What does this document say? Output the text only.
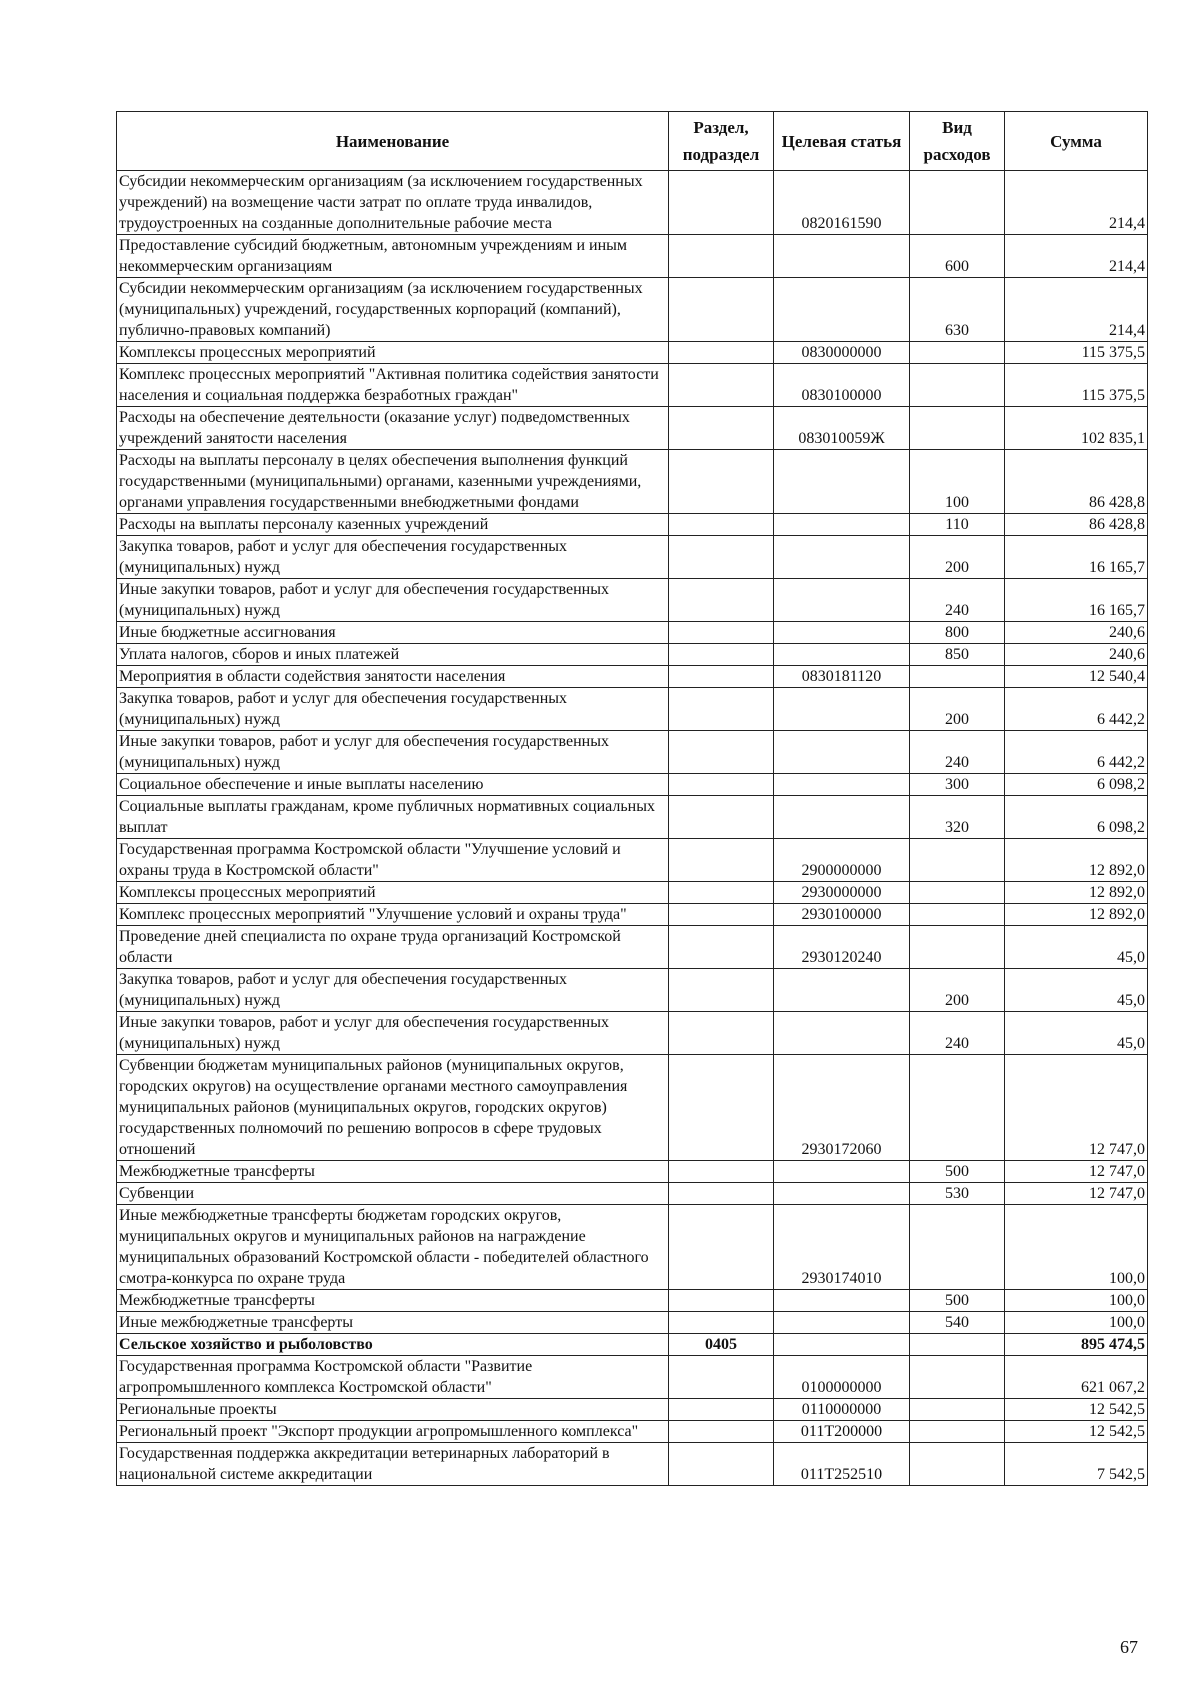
Наименование	Раздел, подраздел	Целевая статья	Вид расходов	Сумма
Субсидии некоммерческим организациям (за исключением государственных учреждений) на возмещение части затрат по оплате труда инвалидов, трудоустроенных на созданные дополнительные рабочие места		0820161590		214,4
Предоставление субсидий бюджетным, автономным учреждениям и иным некоммерческим организациям			600	214,4
Субсидии некоммерческим организациям (за исключением государственных (муниципальных) учреждений, государственных корпораций (компаний), публично-правовых компаний)			630	214,4
Комплексы процессных мероприятий		0830000000		115 375,5
Комплекс процессных мероприятий "Активная политика содействия занятости населения и социальная поддержка безработных граждан"		0830100000		115 375,5
Расходы на обеспечение деятельности (оказание услуг) подведомственных учреждений занятости населения		083010059Ж		102 835,1
Расходы на выплаты персоналу в целях обеспечения выполнения функций государственными (муниципальными) органами, казенными учреждениями, органами управления государственными внебюджетными фондами			100	86 428,8
Расходы на выплаты персоналу казенных учреждений			110	86 428,8
Закупка товаров, работ и услуг для обеспечения государственных (муниципальных) нужд			200	16 165,7
Иные закупки товаров, работ и услуг для обеспечения государственных (муниципальных) нужд			240	16 165,7
Иные бюджетные ассигнования			800	240,6
Уплата налогов, сборов и иных платежей			850	240,6
Мероприятия в области содействия занятости населения		0830181120		12 540,4
Закупка товаров, работ и услуг для обеспечения государственных (муниципальных) нужд			200	6 442,2
Иные закупки товаров, работ и услуг для обеспечения государственных (муниципальных) нужд			240	6 442,2
Социальное обеспечение и иные выплаты населению			300	6 098,2
Социальные выплаты гражданам, кроме публичных нормативных социальных выплат			320	6 098,2
Государственная программа Костромской области "Улучшение условий и охраны труда в Костромской области"		2900000000		12 892,0
Комплексы процессных мероприятий		2930000000		12 892,0
Комплекс процессных мероприятий "Улучшение условий и охраны труда"		2930100000		12 892,0
Проведение дней специалиста по охране труда организаций Костромской области		2930120240		45,0
Закупка товаров, работ и услуг для обеспечения государственных (муниципальных) нужд			200	45,0
Иные закупки товаров, работ и услуг для обеспечения государственных (муниципальных) нужд			240	45,0
Субвенции бюджетам муниципальных районов (муниципальных округов, городских округов) на осуществление органами местного самоуправления муниципальных районов (муниципальных округов, городских округов) государственных полномочий по решению вопросов в сфере трудовых отношений		2930172060		12 747,0
Межбюджетные трансферты			500	12 747,0
Субвенции			530	12 747,0
Иные межбюджетные трансферты бюджетам городских округов, муниципальных округов и муниципальных районов на награждение муниципальных образований Костромской области - победителей областного смотра-конкурса по охране труда		2930174010		100,0
Межбюджетные трансферты			500	100,0
Иные межбюджетные трансферты			540	100,0
Сельское хозяйство и рыболовство	0405			895 474,5
Государственная программа Костромской области "Развитие агропромышленного комплекса Костромской области"		0100000000		621 067,2
Региональные проекты		0110000000		12 542,5
Региональный проект "Экспорт продукции агропромышленного комплекса"		011T200000		12 542,5
Государственная поддержка аккредитации ветеринарных лабораторий в национальной системе аккредитации		011T252510		7 542,5
67
